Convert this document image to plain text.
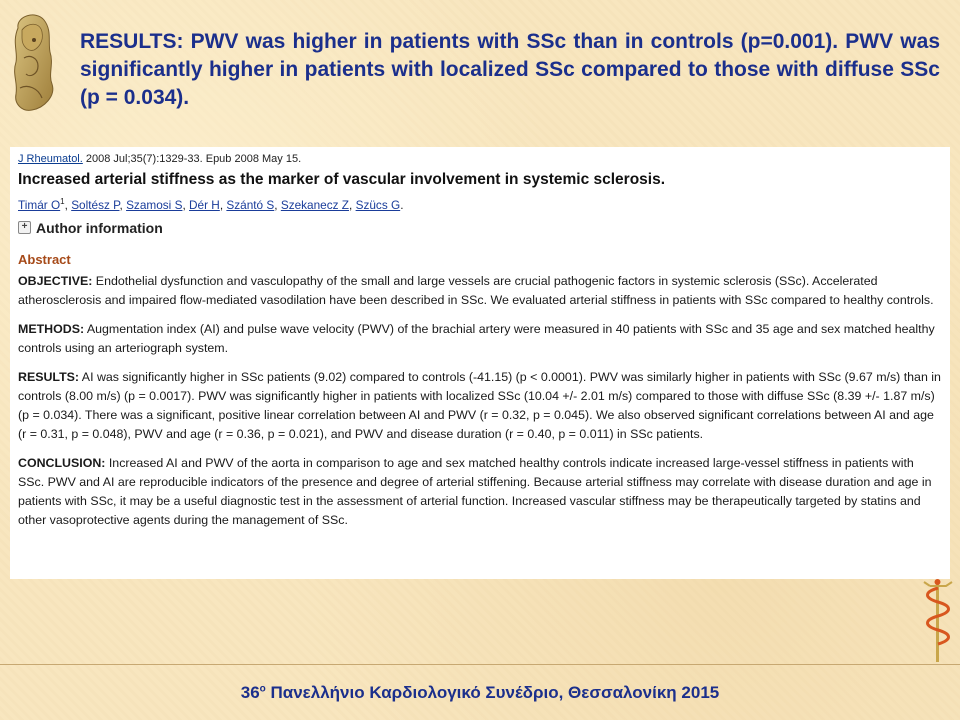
RESULTS: PWV was higher in patients with SSc than in controls (p=0.001). PWV was significantly higher in patients with localized SSc compared to those with diffuse SSc (p = 0.034).
J Rheumatol. 2008 Jul;35(7):1329-33. Epub 2008 May 15.
Increased arterial stiffness as the marker of vascular involvement in systemic sclerosis.
Timár $O^1$, Soltész P, Szamosi S, Dér H, Szántó S, Szekanecz Z, Szücs G.
+ Author information
Abstract
OBJECTIVE: Endothelial dysfunction and vasculopathy of the small and large vessels are crucial pathogenic factors in systemic sclerosis (SSc). Accelerated atherosclerosis and impaired flow-mediated vasodilation have been described in SSc. We evaluated arterial stiffness in patients with SSc compared to healthy controls.
METHODS: Augmentation index (AI) and pulse wave velocity (PWV) of the brachial artery were measured in 40 patients with SSc and 35 age and sex matched healthy controls using an arteriograph system.
RESULTS: AI was significantly higher in SSc patients (9.02) compared to controls (-41.15) (p < 0.0001). PWV was similarly higher in patients with SSc (9.67 m/s) than in controls (8.00 m/s) (p = 0.0017). PWV was significantly higher in patients with localized SSc (10.04 +/- 2.01 m/s) compared to those with diffuse SSc (8.39 +/- 1.87 m/s) (p = 0.034). There was a significant, positive linear correlation between AI and PWV (r = 0.32, p = 0.045). We also observed significant correlations between AI and age (r = 0.31, p = 0.048), PWV and age (r = 0.36, p = 0.021), and PWV and disease duration (r = 0.40, p = 0.011) in SSc patients.
CONCLUSION: Increased AI and PWV of the aorta in comparison to age and sex matched healthy controls indicate increased large-vessel stiffness in patients with SSc. PWV and AI are reproducible indicators of the presence and degree of arterial stiffening. Because arterial stiffness may correlate with disease duration and age in patients with SSc, it may be a useful diagnostic test in the assessment of arterial function. Increased vascular stiffness may be therapeutically targeted by statins and other vasoprotective agents during the management of SSc.
36$^o$ Πανελλήνιο Καρδιολογικό Συνέδριο, Θεσσαλονίκη 2015
